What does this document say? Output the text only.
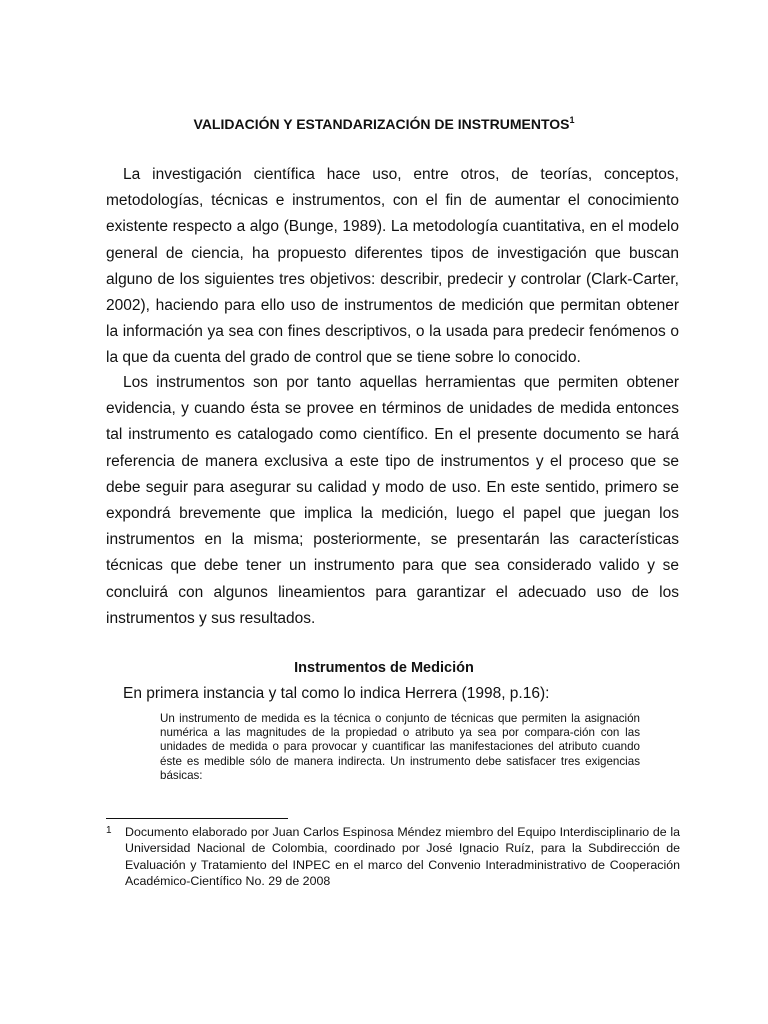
VALIDACIÓN Y ESTANDARIZACIÓN DE INSTRUMENTOS$^1$

La investigación científica hace uso, entre otros, de teorías, conceptos, metodologías, técnicas e instrumentos, con el fin de aumentar el conocimiento existente respecto a algo (Bunge, 1989). La metodología cuantitativa, en el modelo general de ciencia, ha propuesto diferentes tipos de investigación que buscan alguno de los siguientes tres objetivos: describir, predecir y controlar (Clark-Carter, 2002), haciendo para ello uso de instrumentos de medición que permitan obtener la información ya sea con fines descriptivos, o la usada para predecir fenómenos o la que da cuenta del grado de control que se tiene sobre lo conocido.

Los instrumentos son por tanto aquellas herramientas que permiten obtener evidencia, y cuando ésta se provee en términos de unidades de medida entonces tal instrumento es catalogado como científico. En el presente documento se hará referencia de manera exclusiva a este tipo de instrumentos y el proceso que se debe seguir para asegurar su calidad y modo de uso. En este sentido, primero se expondrá brevemente que implica la medición, luego el papel que juegan los instrumentos en la misma; posteriormente, se presentarán las características técnicas que debe tener un instrumento para que sea considerado valido y se concluirá con algunos lineamientos para garantizar el adecuado uso de los instrumentos y sus resultados.

Instrumentos de Medición
En primera instancia y tal como lo indica Herrera (1998, p.16):
Un instrumento de medida es la técnica o conjunto de técnicas que permiten la asignación numérica a las magnitudes de la propiedad o atributo ya sea por compara-ción con las unidades de medida o para provocar y cuantificar las manifestaciones del atributo cuando éste es medible sólo de manera indirecta. Un instrumento debe satisfacer tres exigencias básicas:
1 Documento elaborado por Juan Carlos Espinosa Méndez miembro del Equipo Interdisciplinario de la Universidad Nacional de Colombia, coordinado por José Ignacio Ruíz, para la Subdirección de Evaluación y Tratamiento del INPEC en el marco del Convenio Interadministrativo de Cooperación Académico-Científico No. 29 de 2008
